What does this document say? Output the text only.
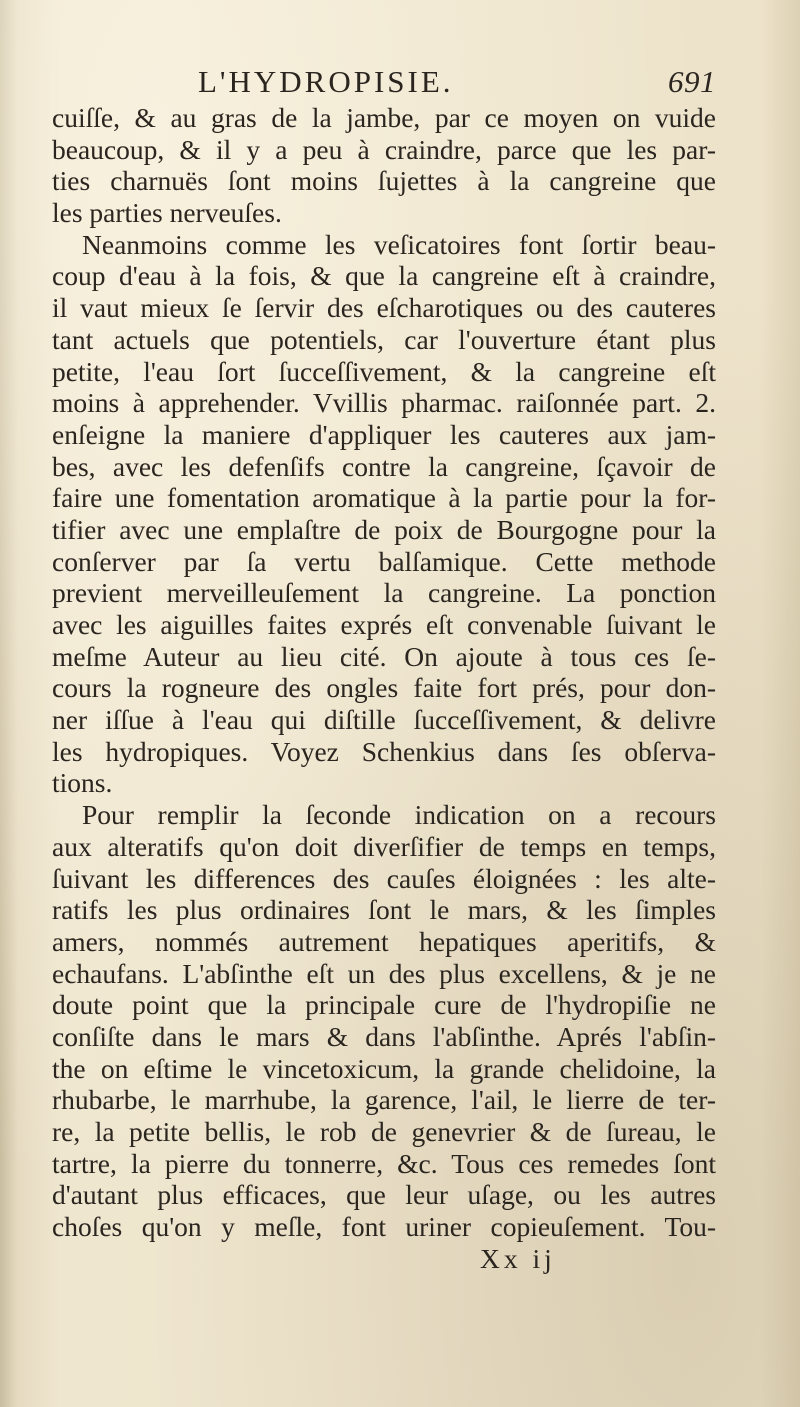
L'HYDROPISIE.	691
cuiſſe, & au gras de la jambe, par ce moyen on vuide
beaucoup, & il y a peu à craindre, parce que les par-
ties charnuës ſont moins ſujettes à la cangreine que
les parties nerveuſes.
Neanmoins comme les veſicatoires font ſortir beau-
coup d'eau à la fois, & que la cangreine eſt à craindre,
il vaut mieux ſe ſervir des eſcharotiques ou des cauteres
tant actuels que potentiels, car l'ouverture étant plus
petite, l'eau ſort ſucceſſivement, & la cangreine eſt
moins à apprehender. Vvillis pharmac. raiſonnée part. 2.
enſeigne la maniere d'appliquer les cauteres aux jam-
bes, avec les defenſifs contre la cangreine, ſçavoir de
faire une fomentation aromatique à la partie pour la for-
tifier avec une emplaſtre de poix de Bourgogne pour la
conſerver par ſa vertu balſamique. Cette methode
previent merveilleuſement la cangreine. La ponction
avec les aiguilles faites exprés eſt convenable ſuivant le
meſme Auteur au lieu cité. On ajoute à tous ces ſe-
cours la rogneure des ongles faite fort prés, pour don-
ner iſſue à l'eau qui diſtille ſucceſſivement, & delivre
les hydropiques. Voyez Schenkius dans ſes obſerva-
tions.
Pour remplir la ſeconde indication on a recours
aux alteratifs qu'on doit diverſifier de temps en temps,
ſuivant les differences des cauſes éloignées : les alte-
ratifs les plus ordinaires ſont le mars, & les ſimples
amers, nommés autrement hepatiques aperitifs, &
echaufans. L'abſinthe eſt un des plus excellens, & je ne
doute point que la principale cure de l'hydropiſie ne
conſiſte dans le mars & dans l'abſinthe. Aprés l'abſin-
the on eſtime le vincetoxicum, la grande chelidoine, la
rhubarbe, le marrhube, la garence, l'ail, le lierre de ter-
re, la petite bellis, le rob de genevrier & de ſureau, le
tartre, la pierre du tonnerre, &c. Tous ces remedes ſont
d'autant plus efficaces, que leur uſage, ou les autres
choſes qu'on y meſle, font uriner copieuſement. Tou-
Xx ij
